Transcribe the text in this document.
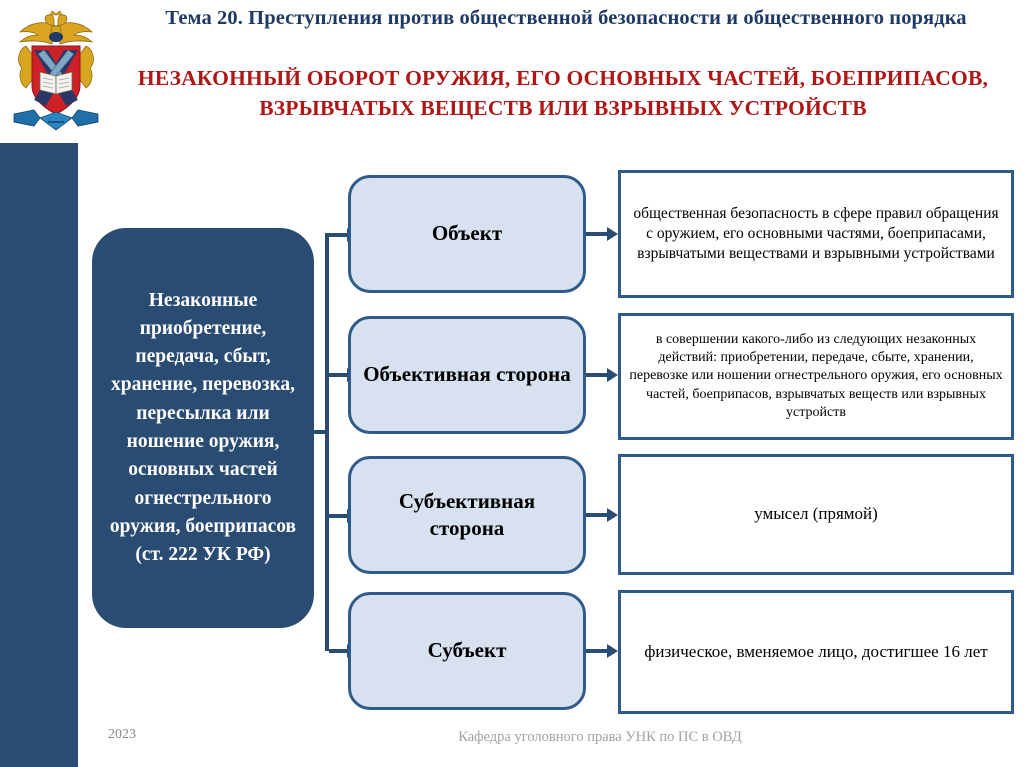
Тема 20. Преступления против общественной безопасности и общественного порядка
НЕЗАКОННЫЙ ОБОРОТ ОРУЖИЯ, ЕГО ОСНОВНЫХ ЧАСТЕЙ, БОЕПРИПАСОВ, ВЗРЫВЧАТЫХ ВЕЩЕСТВ ИЛИ ВЗРЫВНЫХ УСТРОЙСТВ
Незаконные приобретение, передача, сбыт, хранение, перевозка, пересылка или ношение оружия, основных частей огнестрельного оружия, боеприпасов (ст. 222 УК РФ)
Объект
Объективная сторона
Субъективная сторона
Субъект
общественная безопасность в сфере правил обращения с оружием, его основными частями, боеприпасами, взрывчатыми веществами и взрывными устройствами
в совершении какого-либо из следующих незаконных действий: приобретении, передаче, сбыте, хранении, перевозке или ношении огнестрельного оружия, его основных частей, боеприпасов, взрывчатых веществ или взрывных устройств
умысел (прямой)
физическое, вменяемое лицо, достигшее 16 лет
2023	Кафедра уголовного права УНК по ПС в ОВД
